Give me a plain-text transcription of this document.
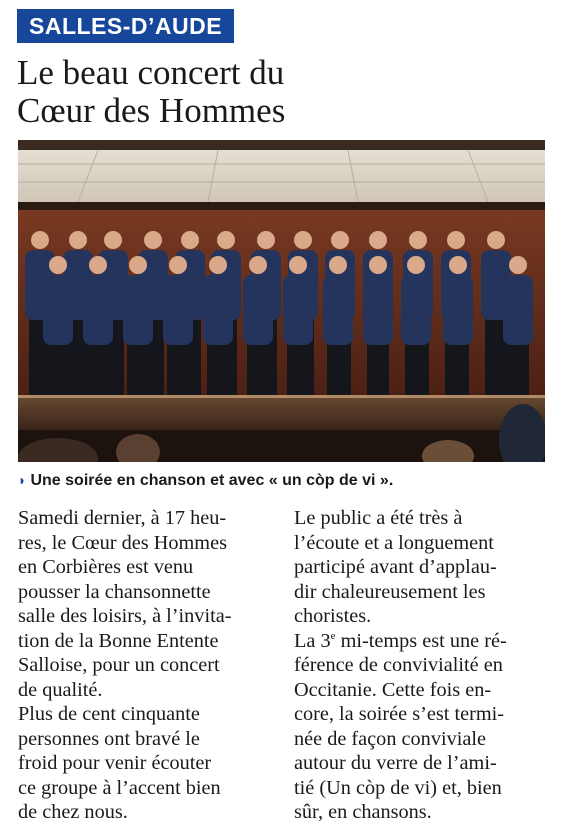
SALLES-D’AUDE
Le beau concert du
Cœur des Hommes
◗ Une soirée en chanson et avec « un còp de vi ».
Samedi dernier, à 17 heu-
res, le Cœur des Hommes
en Corbières est venu
pousser la chansonnette
salle des loisirs, à l’invita-
tion de la Bonne Entente
Salloise, pour un concert
de qualité.
Plus de cent cinquante
personnes ont bravé le
froid pour venir écouter
ce groupe à l’accent bien
de chez nous.
Le public a été très à
l’écoute et a longuement
participé avant d’applau-
dir chaleureusement les
choristes.
La 3e mi-temps est une ré-
férence de convivialité en
Occitanie. Cette fois en-
core, la soirée s’est termi-
née de façon conviviale
autour du verre de l’ami-
tié (Un còp de vi) et, bien
sûr, en chansons.
